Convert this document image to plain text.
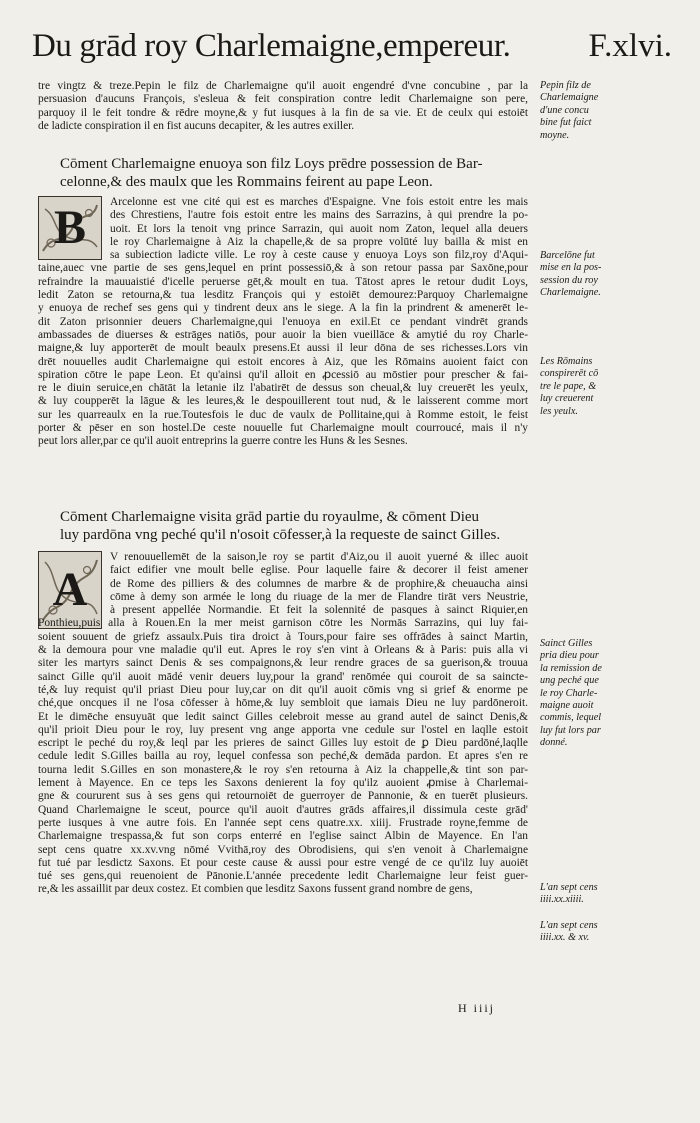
Du grād roy Charlemaigne,empereur. F.xlvi.
tre vingtz & treze.Pepin le filz de Charlemaigne qu'il auoit engendré d'vne concubine , par la
persuasion d'aucuns François, s'esleua & feit conspiration contre ledit Charlemaigne son pere,
parquoy il le feit tondre & rēdre moyne,& y fut iusques à la fin de sa vie. Et de ceulx qui estoiēt
de ladicte conspiration il en fist aucuns decapiter, & les autres exiller.
Cōment Charlemaigne enuoya son filz Loys prēdre possession de Bar-
celonne,& des maulx que les Rommains feirent au pape Leon.
B	Arcelonne est vne cité qui est es marches d'Espaigne. Vne fois estoit entre les mais
des Chrestiens, l'autre fois estoit entre les mains des Sarrazins, à qui prendre la po-
uoit. Et lors la tenoit vng prince Sarrazin, qui auoit nom Zaton, lequel alla deuers
le roy Charlemaigne à Aiz la chapelle,& de sa propre volūté luy bailla & mist en
sa subiection ladicte ville. Le roy à ceste cause y enuoya Loys son filz,roy d'Aqui-
taine,auec vne partie de ses gens,lequel en print possessiō,& à son retour passa par Saxōne,pour
refraindre la mauuaistié d'icelle peruerse gēt,& moult en tua. Tātost apres le retour dudit Loys,
ledit Zaton se retourna,& tua lesditz François qui y estoiēt demourez:Parquoy Charlemaigne
y enuoya de rechef ses gens qui y tindrent deux ans le siege. A la fin la prindrent & amenerēt le-
dit Zaton prisonnier deuers Charlemaigne,qui l'enuoya en exil.Et ce pendant vindrēt grands
ambassades de diuerses & estrāges natiōs, pour auoir la bien vueillāce & amytié du roy Charle-
maigne,& luy apporterēt de moult beaulx presens.Et aussi il leur dōna de ses richesses.Lors vin
drēt nouuelles audit Charlemaigne qui estoit encores à Aiz, que les Rōmains auoient faict con
spiration cōtre le pape Leon. Et qu'ainsi qu'il alloit en ꝓcessiō au mōstier pour prescher & fai-
re le diuin seruice,en chātāt la letanie ilz l'abatirēt de dessus son cheual,& luy creuerēt les yeulx,
& luy coupperēt la lāgue & les leures,& le despouillerent tout nud, & le laisserent comme mort
sur les quarreaulx en la rue.Toutesfois le duc de vaulx de Pollitaine,qui à Romme estoit, le feist
porter & pēser en son hostel.De ceste nouuelle fut Charlemaigne moult courroucé, mais il n'y
peut lors aller,par ce qu'il auoit entreprins la guerre contre les Huns & les Sesnes.
Cōment Charlemaigne visita grād partie du royaulme, & cōment Dieu
luy pardōna vng peché qu'il n'osoit cōfesser,à la requeste de sainct Gilles.
A
V renouuellemēt de la saison,le roy se partit d'Aiz,ou il auoit yuerné & illec auoit
faict edifier vne moult belle eglise. Pour laquelle faire & decorer il feist amener
de Rome des pilliers & des columnes de marbre & de prophire,& cheuaucha ainsi
cōme à demy son armée le long du riuage de la mer de Flandre tirāt vers Neustrie,
à present appellée Normandie. Et feit la solennité de pasques à sainct Riquier,en
Ponthieu,puis alla à Rouen.En la mer meist garnison cōtre les Normās Sarrazins, qui luy fai-
soient souuent de griefz assaulx.Puis tira droict à Tours,pour faire ses offrādes à sainct Martin,
& la demoura pour vne maladie qu'il eut. Apres le roy s'en vint à Orleans & à Paris: puis alla vi
siter les martyrs sainct Denis & ses compaignons,& leur rendre graces de sa guerison,& trouua
sainct Gille qu'il auoit mādé venir deuers luy,pour la grand' renōmée qui couroit de sa saincte-
té,& luy requist qu'il priast Dieu pour luy,car on dit qu'il auoit cōmis vng si grief & enorme pe
ché,que oncques il ne l'osa cōfesser à hōme,& luy sembloit que iamais Dieu ne luy pardōneroit.
Et le dimēche ensuyuāt que ledit sainct Gilles celebroit messe au grand autel de sainct Denis,&
qu'il prioit Dieu pour le roy, luy present vng ange apporta vne cedule sur l'ostel en laqlle estoit
escript le peché du roy,& leql par les prieres de sainct Gilles luy estoit de ꝑ Dieu pardōné,laqlle
cedule ledit S.Gilles bailla au roy, lequel confessa son peché,& demāda pardon. Et apres s'en re
tourna ledit S.Gilles en son monastere,& le roy s'en retourna à Aiz la chappelle,& tint son par-
lement à Mayence. En ce teps les Saxons denierent la foy qu'ilz auoient ꝓmise à Charlemai-
gne & coururent sus à ses gens qui retournoiēt de guerroyer de Pannonie, & en tuerēt plusieurs.
Quand Charlemaigne le sceut, pource qu'il auoit d'autres grāds affaires,il dissimula ceste grād'
perte iusques à vne autre fois. En l'année sept cens quatre.xx. xiiij. Frustrade royne,femme de
Charlemaigne trespassa,& fut son corps enterré en l'eglise sainct Albin de Mayence. En l'an
sept cens quatre xx.xv.vng nōmé Vvithā,roy des Obrodisiens, qui s'en venoit à Charlemaigne
fut tué par lesdictz Saxons. Et pour ceste cause & aussi pour estre vengé de ce qu'ilz luy auoiēt
tué ses gens,qui reuenoient de Pānonie.L'année precedente ledit Charlemaigne leur feist guer-
re,& les assaillit par deux costez. Et combien que lesditz Saxons fussent grand nombre de gens,
H iiij
Pepin filz de
Charlemaigne
d'une concu
bine fut faict
moyne.
Barcelōne fut
mise en la pos-
session du roy
Charlemaigne.
Les Rōmains
conspirerēt cō
tre le pape, &
luy creuerent
les yeulx.
Sainct Gilles
pria dieu pour
la remission de
ung peché que
le roy Charle-
maigne auoit
commis, lequel
luy fut lors par
donné.
L'an sept cens
iiii.xx.xiiii.
L'an sept cens
iiii.xx. & xv.
